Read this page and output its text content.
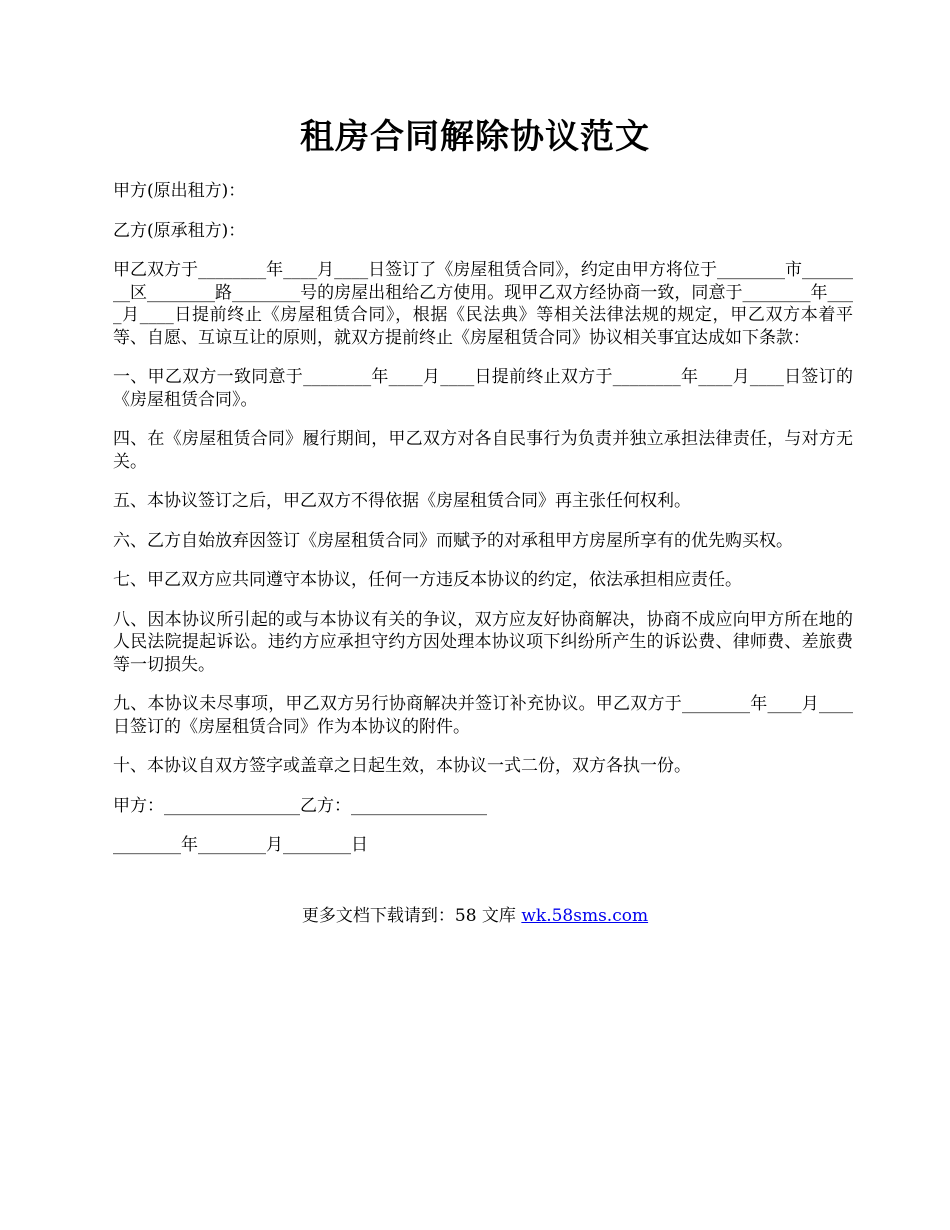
租房合同解除协议范文

甲方(原出租方)：

乙方(原承租方)：

甲乙双方于________年____月____日签订了《房屋租赁合同》，约定由甲方将位于________市________区________路________号的房屋出租给乙方使用。现甲乙双方经协商一致，同意于________年____月____日提前终止《房屋租赁合同》，根据《民法典》等相关法律法规的规定，甲乙双方本着平等、自愿、互谅互让的原则，就双方提前终止《房屋租赁合同》协议相关事宜达成如下条款：

一、甲乙双方一致同意于________年____月____日提前终止双方于________年____月____日签订的《房屋租赁合同》。

四、在《房屋租赁合同》履行期间，甲乙双方对各自民事行为负责并独立承担法律责任，与对方无关。

五、本协议签订之后，甲乙双方不得依据《房屋租赁合同》再主张任何权利。

六、乙方自始放弃因签订《房屋租赁合同》而赋予的对承租甲方房屋所享有的优先购买权。

七、甲乙双方应共同遵守本协议，任何一方违反本协议的约定，依法承担相应责任。

八、因本协议所引起的或与本协议有关的争议，双方应友好协商解决，协商不成应向甲方所在地的人民法院提起诉讼。违约方应承担守约方因处理本协议项下纠纷所产生的诉讼费、律师费、差旅费等一切损失。

九、本协议未尽事项，甲乙双方另行协商解决并签订补充协议。甲乙双方于________年____月____日签订的《房屋租赁合同》作为本协议的附件。

十、本协议自双方签字或盖章之日起生效，本协议一式二份，双方各执一份。

甲方：________________乙方：________________

________年________月________日

更多文档下载请到：58 文库 wk.58sms.com
